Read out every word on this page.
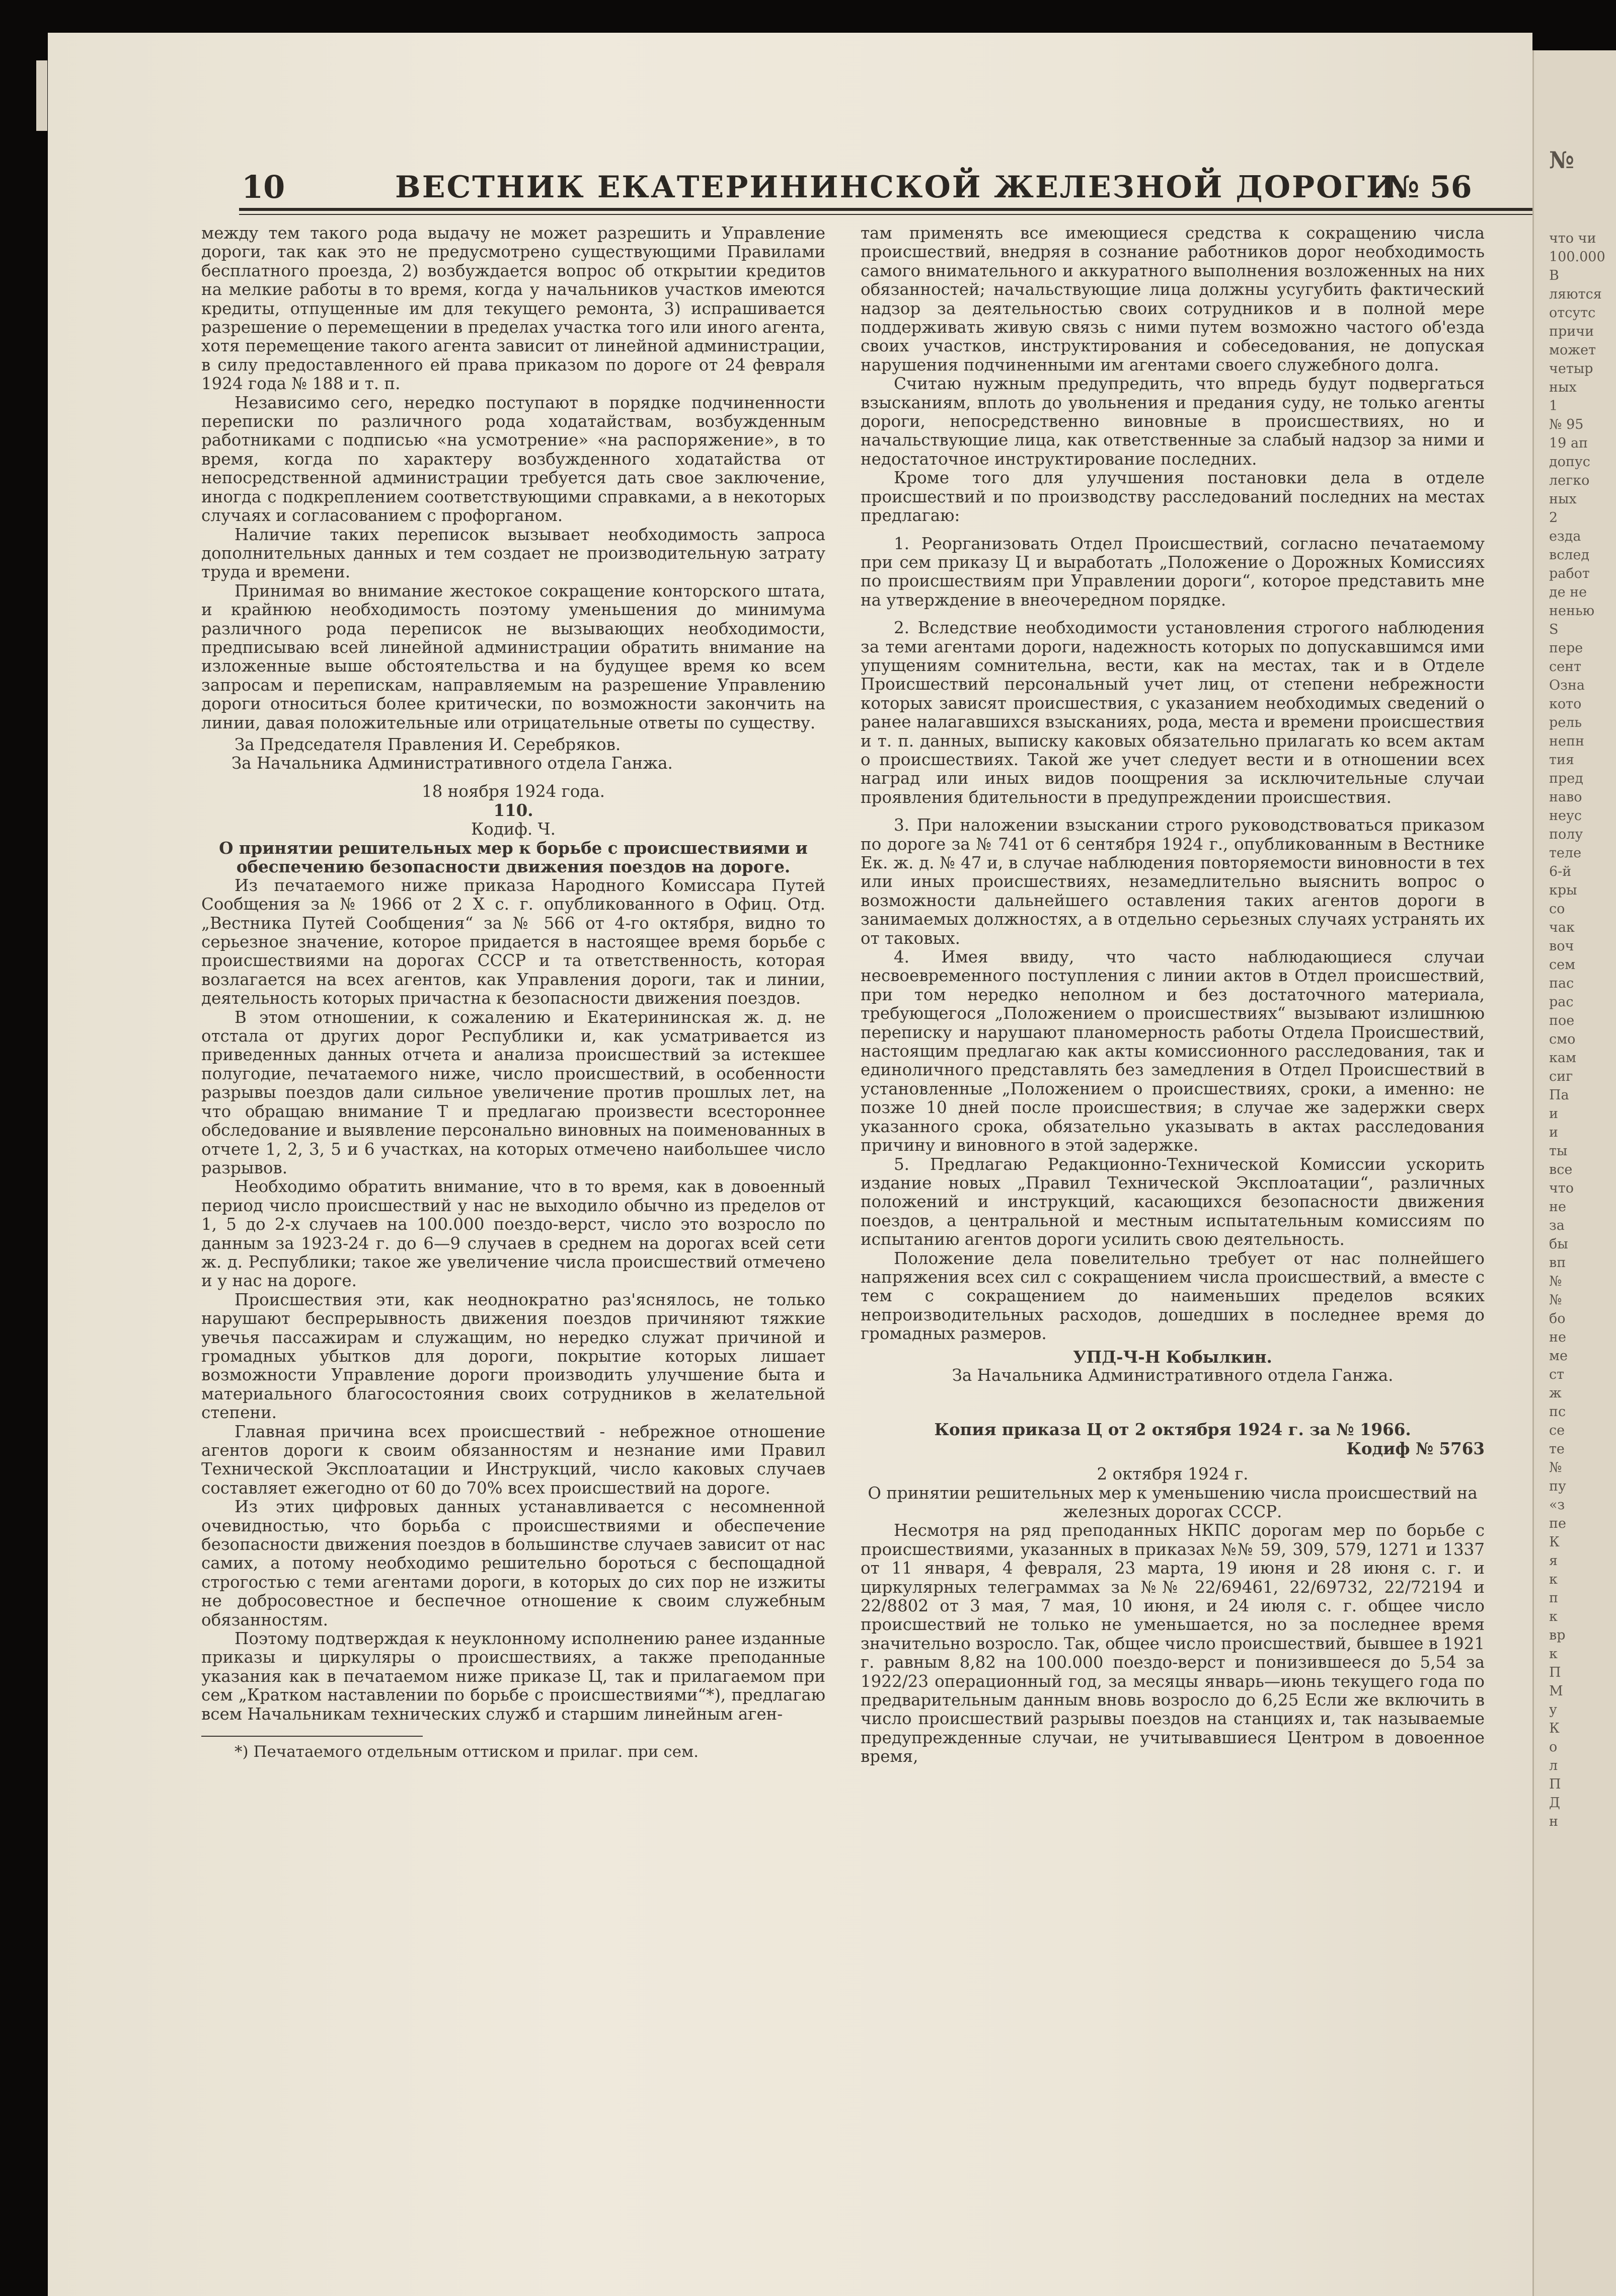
10	ВЕСТНИК ЕКАТЕРИНИНСКОЙ ЖЕЛЕЗНОЙ ДОРОГИ.
№ 56

между тем такого рода выдачу не может разрешить и Управление дороги, так как это не предусмотрено существующими Правилами бесплатного проезда, 2) возбуждается вопрос об открытии кредитов на мелкие работы в то время, когда у начальников участков имеются кредиты, отпущенные им для текущего ремонта, 3) испрашивается разрешение о перемещении в пределах участка того или иного агента, хотя перемещение такого агента зависит от линейной администрации, в силу предоставленного ей права приказом по дороге от 24 февраля 1924 года № 188 и т. п.

Независимо сего, нередко поступают в порядке подчиненности переписки по различного рода ходатайствам, возбужденным работниками с подписью «на усмотрение» «на распоряжение», в то время, когда по характеру возбужденного ходатайства от непосредственной администрации требуется дать свое заключение, иногда с подкреплением соответствующими справками, а в некоторых случаях и согласованием с профорганом.

Наличие таких переписок вызывает необходимость запроса дополнительных данных и тем создает не производительную затрату труда и времени.

Принимая во внимание жестокое сокращение конторского штата, и крайнюю необходимость поэтому уменьшения до минимума различного рода переписок не вызывающих необходимости, предписываю всей линейной администрации обратить внимание на изложенные выше обстоятельства и на будущее время ко всем запросам и перепискам, направляемым на разрешение Управлению дороги относиться более критически, по возможности закончить на линии, давая положительные или отрицательные ответы по существу.

За Председателя Правления И. Серебряков.

За Начальника Административного отдела Ганжа.

18 ноября 1924 года.

110.

Кодиф. Ч.

О принятии решительных мер к борьбе с происшествиями и обеспечению безопасности движения поездов на дороге.

Из печатаемого ниже приказа Народного Комиссара Путей Сообщения за № 1966 от 2 Х с. г. опубликованного в Офиц. Отд. „Вестника Путей Сообщения“ за № 566 от 4-го октября, видно то серьезное значение, которое придается в настоящее время борьбе с происшествиями на дорогах СССР и та ответственность, которая возлагается на всех агентов, как Управления дороги, так и линии, деятельность которых причастна к безопасности движения поездов.

В этом отношении, к сожалению и Екатерининская ж. д. не отстала от других дорог Республики и, как усматривается из приведенных данных отчета и анализа происшествий за истекшее полугодие, печатаемого ниже, число происшествий, в особенности разрывы поездов дали сильное увеличение против прошлых лет, на что обращаю внимание Т и предлагаю произвести всестороннее обследование и выявление персонально виновных на поименованных в отчете 1, 2, 3, 5 и 6 участках, на которых отмечено наибольшее число разрывов.

Необходимо обратить внимание, что в то время, как в довоенный период число происшествий у нас не выходило обычно из пределов от 1, 5 до 2-х случаев на 100.000 поездо-верст, число это возросло по данным за 1923-24 г. до 6—9 случаев в среднем на дорогах всей сети ж. д. Республики; такое же увеличение числа происшествий отмечено и у нас на дороге.

Происшествия эти, как неоднократно раз'яснялось, не только нарушают беспрерывность движения поездов причиняют тяжкие увечья пассажирам и служащим, но нередко служат причиной и громадных убытков для дороги, покрытие которых лишает возможности Управление дороги производить улучшение быта и материального благосостояния своих сотрудников в желательной степени.

Главная причина всех происшествий - небрежное отношение агентов дороги к своим обязанностям и незнание ими Правил Технической Эксплоатации и Инструкций, число каковых случаев составляет ежегодно от 60 до 70% всех происшествий на дороге.

Из этих цифровых данных устанавливается с несомненной очевидностью, что борьба с происшествиями и обеспечение безопасности движения поездов в большинстве случаев зависит от нас самих, а потому необходимо решительно бороться с беспощадной строгостью с теми агентами дороги, в которых до сих пор не изжиты не добросовестное и беспечное отношение к своим служебным обязанностям.

Поэтому подтверждая к неуклонному исполнению ранее изданные приказы и циркуляры о происшествиях, а также преподанные указания как в печатаемом ниже приказе Ц, так и прилагаемом при сем „Кратком наставлении по борьбе с происшествиями“*), предлагаю всем Начальникам технических служб и старшим линейным аген-

*) Печатаемого отдельным оттиском и прилаг. при сем.

там применять все имеющиеся средства к сокращению числа происшествий, внедряя в сознание работников дорог необходимость самого внимательного и аккуратного выполнения возложенных на них обязанностей; начальствующие лица должны усугубить фактический надзор за деятельностью своих сотрудников и в полной мере поддерживать живую связь с ними путем возможно частого об'езда своих участков, инструктирования и собеседования, не допуская нарушения подчиненными им агентами своего служебного долга.

Считаю нужным предупредить, что впредь будут подвергаться взысканиям, вплоть до увольнения и предания суду, не только агенты дороги, непосредственно виновные в происшествиях, но и начальствующие лица, как ответственные за слабый надзор за ними и недостаточное инструктирование последних.

Кроме того для улучшения постановки дела в отделе происшествий и по производству расследований последних на местах предлагаю:

1. Реорганизовать Отдел Происшествий, согласно печатаемому при сем приказу Ц и выработать „Положение о Дорожных Комиссиях по происшествиям при Управлении дороги“, которое представить мне на утверждение в внеочередном порядке.

2. Вследствие необходимости установления строгого наблюдения за теми агентами дороги, надежность которых по допускавшимся ими упущениям сомнительна, вести, как на местах, так и в Отделе Происшествий персональный учет лиц, от степени небрежности которых зависят происшествия, с указанием необходимых сведений о ранее налагавшихся взысканиях, рода, места и времени происшествия и т. п. данных, выписку каковых обязательно прилагать ко всем актам о происшествиях. Такой же учет следует вести и в отношении всех наград или иных видов поощрения за исключительные случаи проявления бдительности в предупреждении происшествия.

3. При наложении взыскании строго руководствоваться приказом по дороге за № 741 от 6 сентября 1924 г., опубликованным в Вестнике Ек. ж. д. № 47 и, в случае наблюдения повторяемости виновности в тех или иных происшествиях, незамедлительно выяснить вопрос о возможности дальнейшего оставления таких агентов дороги в занимаемых должностях, а в отдельно серьезных случаях устранять их от таковых.

4. Имея ввиду, что часто наблюдающиеся случаи несвоевременного поступления с линии актов в Отдел происшествий, при том нередко неполном и без достаточного материала, требующегося „Положением о происшествиях“ вызывают излишнюю переписку и нарушают планомерность работы Отдела Происшествий, настоящим предлагаю как акты комиссионного расследования, так и единоличного представлять без замедления в Отдел Происшествий в установленные „Положением о происшествиях, сроки, а именно: не позже 10 дней после происшествия; в случае же задержки сверх указанного срока, обязательно указывать в актах расследования причину и виновного в этой задержке.

5. Предлагаю Редакционно-Технической Комиссии ускорить издание новых „Правил Технической Эксплоатации“, различных положений и инструкций, касающихся безопасности движения поездов, а центральной и местным испытательным комиссиям по испытанию агентов дороги усилить свою деятельность.

Положение дела повелительно требует от нас полнейшего напряжения всех сил с сокращением числа происшествий, а вместе с тем с сокращением до наименьших пределов всяких непроизводительных расходов, дошедших в последнее время до громадных размеров.

УПД-Ч-Н Кобылкин.

За Начальника Административного отдела Ганжа.

Копия приказа Ц от 2 октября 1924 г. за № 1966.

Кодиф № 5763

2 октября 1924 г.

О принятии решительных мер к уменьшению числа происшествий на железных дорогах СССР.

Несмотря на ряд преподанных НКПС дорогам мер по борьбе с происшествиями, указанных в приказах №№ 59, 309, 579, 1271 и 1337 от 11 января, 4 февраля, 23 марта, 19 июня и 28 июня с. г. и циркулярных телеграммах за №№ 22/69461, 22/69732, 22/72194 и 22/8802 от 3 мая, 7 мая, 10 июня, и 24 июля с. г. общее число происшествий не только не уменьшается, но за последнее время значительно возросло. Так, общее число происшествий, бывшее в 1921 г. равным 8,82 на 100.000 поездо-верст и понизившееся до 5,54 за 1922/23 операционный год, за месяцы январь—июнь текущего года по предварительным данным вновь возросло до 6,25 Если же включить в число происшествий разрывы поездов на станциях и, так называемые предупрежденные случаи, не учитывавшиеся Центром в довоенное время,

№
что чи
100.000
В
ляются
отсутс
причи
может
четыр
ных
1
№ 95
19 ап
допус
легко
ных
2
езда
вслед
работ
де не
ненью
S
пере
сент
Озна
кото
рель
непн
тия
пред
наво
неус
полу
теле
6-й
кры
со
чак
воч
сем
пас
рас
пое
смо
кам
сиг
Па
и
и
ты
все
что
не
за
бы
вп
№
№
бо
не
ме
ст
ж
пс
се
те
№
пу
«з
пе
К
я
к
п
к
вр
к
П
М
у
К
о
л
П
Д
н
